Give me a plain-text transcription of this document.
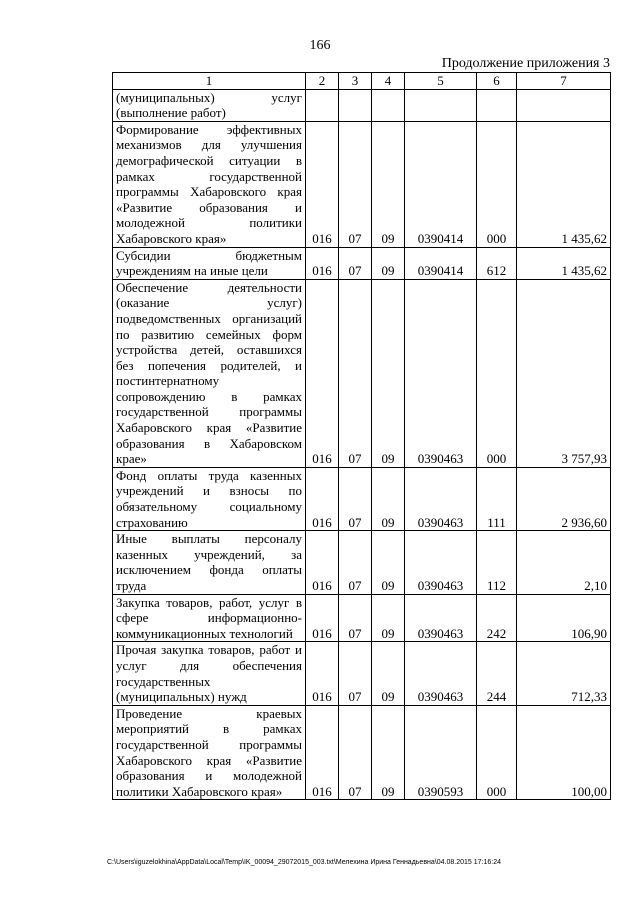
166
Продолжение приложения 3
1	2	3	4	5	6	7
(муниципальных) услуг (выполнение работ)						
Формирование эффективных механизмов для улучшения демографической ситуации в рамках государственной программы Хабаровского края «Развитие образования и молодежной политики Хабаровского края»	016	07	09	0390414	000	1 435,62
Субсидии бюджетным учреждениям на иные цели	016	07	09	0390414	612	1 435,62
Обеспечение деятельности (оказание услуг) подведомственных организаций по развитию семейных форм устройства детей, оставшихся без попечения родителей, и постинтернатному сопровождению в рамках государственной программы Хабаровского края «Развитие образования в Хабаровском крае»	016	07	09	0390463	000	3 757,93
Фонд оплаты труда казенных учреждений и взносы по обязательному социальному страхованию	016	07	09	0390463	111	2 936,60
Иные выплаты персоналу казенных учреждений, за исключением фонда оплаты труда	016	07	09	0390463	112	2,10
Закупка товаров, работ, услуг в сфере информационно-коммуникационных технологий	016	07	09	0390463	242	106,90
Прочая закупка товаров, работ и услуг для обеспечения государственных (муниципальных) нужд	016	07	09	0390463	244	712,33
Проведение краевых мероприятий в рамках государственной программы Хабаровского края «Развитие образования и молодежной политики Хабаровского края»	016	07	09	0390593	000	100,00
C:\Users\iguzelokhina\AppData\Local\Temp\IK_00094_29072015_003.txt\Мелехина Ирина Геннадьевна\04.08.2015 17:16:24
